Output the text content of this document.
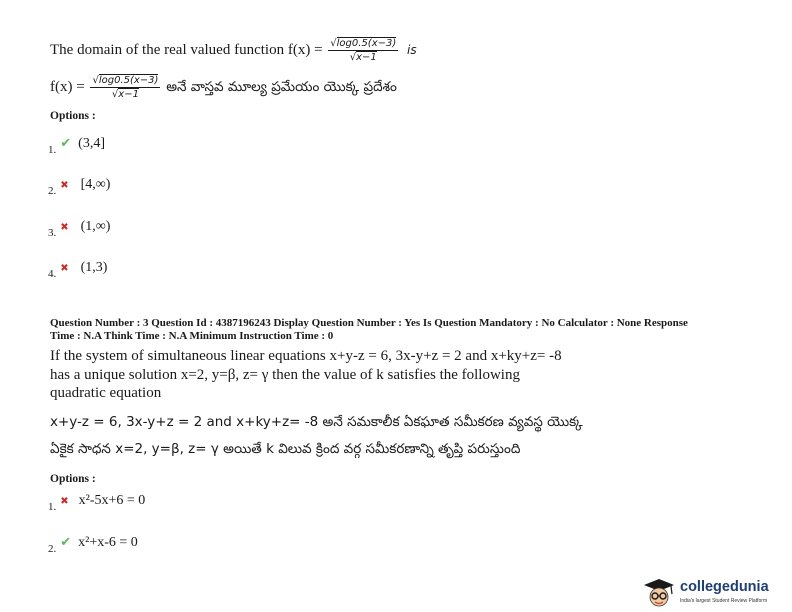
The domain of the real valued function $f(x) = \frac{√\log 0.5(x-3)}{√x-1}$ is
$f(x) = \frac{√\log 0.5(x-3)}{√x-1}$ అనే వాస్తవ మూల్య ప్రమేయం యొక్క ప్రదేశం
Options :
$_{1.}$ ✔ (3,4]
$_{2.}$ ✖ [4,∞)
$_{3.}$ ✖ (1,∞)
$_{4.}$ ✖ (1,3)
Question Number : 3 Question Id : 4387196243 Display Question Number : Yes Is Question Mandatory : No Calculator : None Response
Time : N.A Think Time : N.A Minimum Instruction Time : 0
If the system of simultaneous linear equations x+y-z = 6, 3x-y+z = 2 and x+ky+z= -8
has a unique solution x=2, y=β, z= γ then the value of k satisfies the following
quadratic equation
x+y-z = 6, 3x-y+z = 2 and x+ky+z= -8 అనే సమకాలీక ఏకఘాత సమీకరణ వ్యవస్థ యొక్క
ఏకైక సాధన x=2, y=β, z= γ అయితే k విలువ క్రింద వర్గ సమీకరణాన్ని తృప్తి పరుస్తుంది
Options :
$_{1.}$ ✖ x²-5x+6 = 0
$_{2.}$ ✔ x²+x-6 = 0
collegedunia
India's largest Student Review Platform
